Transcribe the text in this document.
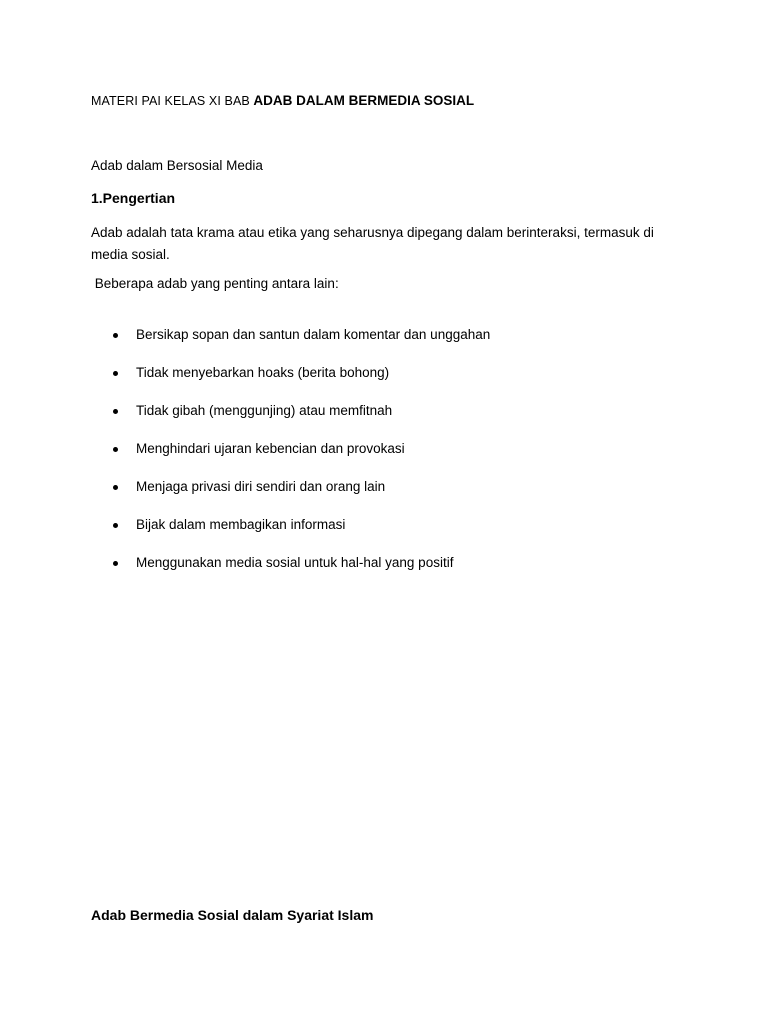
MATERI PAI KELAS XI BAB ADAB DALAM BERMEDIA SOSIAL
Adab dalam Bersosial Media
1.Pengertian
Adab adalah tata krama atau etika yang seharusnya dipegang dalam berinteraksi, termasuk di media sosial.
Beberapa adab yang penting antara lain:
Bersikap sopan dan santun dalam komentar dan unggahan
Tidak menyebarkan hoaks (berita bohong)
Tidak gibah (menggunjing) atau memfitnah
Menghindari ujaran kebencian dan provokasi
Menjaga privasi diri sendiri dan orang lain
Bijak dalam membagikan informasi
Menggunakan media sosial untuk hal-hal yang positif
Adab Bermedia Sosial dalam Syariat Islam
